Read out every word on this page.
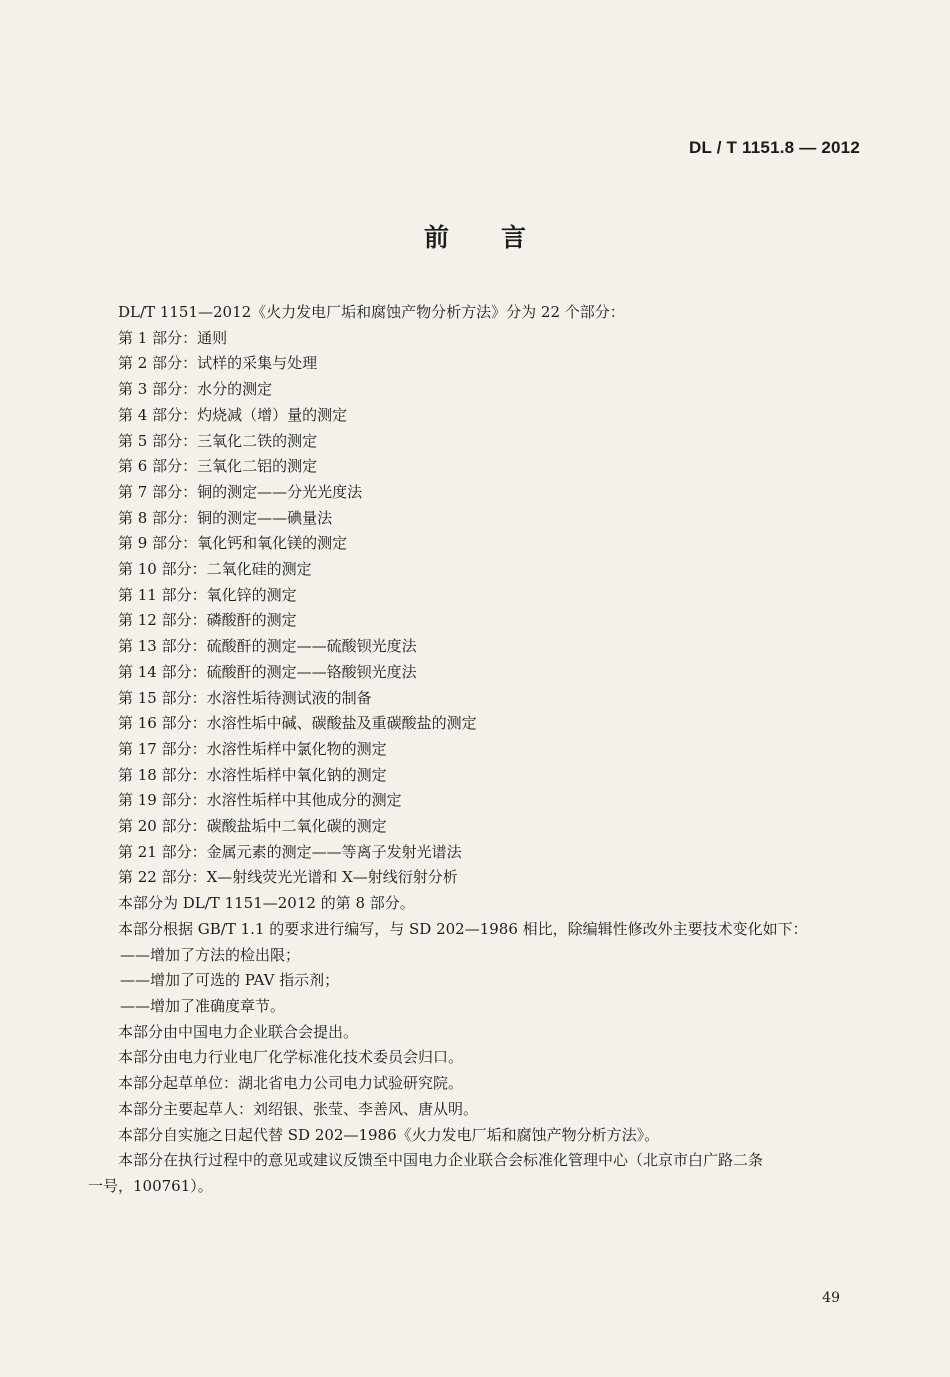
DL / T 1151.8 — 2012
前言
DL/T 1151—2012《火力发电厂垢和腐蚀产物分析方法》分为 22 个部分：
第 1 部分：通则
第 2 部分：试样的采集与处理
第 3 部分：水分的测定
第 4 部分：灼烧减（增）量的测定
第 5 部分：三氧化二铁的测定
第 6 部分：三氧化二铝的测定
第 7 部分：铜的测定——分光光度法
第 8 部分：铜的测定——碘量法
第 9 部分：氧化钙和氧化镁的测定
第 10 部分：二氧化硅的测定
第 11 部分：氧化锌的测定
第 12 部分：磷酸酐的测定
第 13 部分：硫酸酐的测定——硫酸钡光度法
第 14 部分：硫酸酐的测定——铬酸钡光度法
第 15 部分：水溶性垢待测试液的制备
第 16 部分：水溶性垢中碱、碳酸盐及重碳酸盐的测定
第 17 部分：水溶性垢样中氯化物的测定
第 18 部分：水溶性垢样中氧化钠的测定
第 19 部分：水溶性垢样中其他成分的测定
第 20 部分：碳酸盐垢中二氧化碳的测定
第 21 部分：金属元素的测定——等离子发射光谱法
第 22 部分：X—射线荧光光谱和 X—射线衍射分析
本部分为 DL/T 1151—2012 的第 8 部分。
本部分根据 GB/T 1.1 的要求进行编写，与 SD 202—1986 相比，除编辑性修改外主要技术变化如下：
——增加了方法的检出限；
——增加了可选的 PAV 指示剂；
——增加了准确度章节。
本部分由中国电力企业联合会提出。
本部分由电力行业电厂化学标准化技术委员会归口。
本部分起草单位：湖北省电力公司电力试验研究院。
本部分主要起草人：刘绍银、张莹、李善风、唐从明。
本部分自实施之日起代替 SD 202—1986《火力发电厂垢和腐蚀产物分析方法》。
本部分在执行过程中的意见或建议反馈至中国电力企业联合会标准化管理中心（北京市白广路二条
一号，100761）。
49
